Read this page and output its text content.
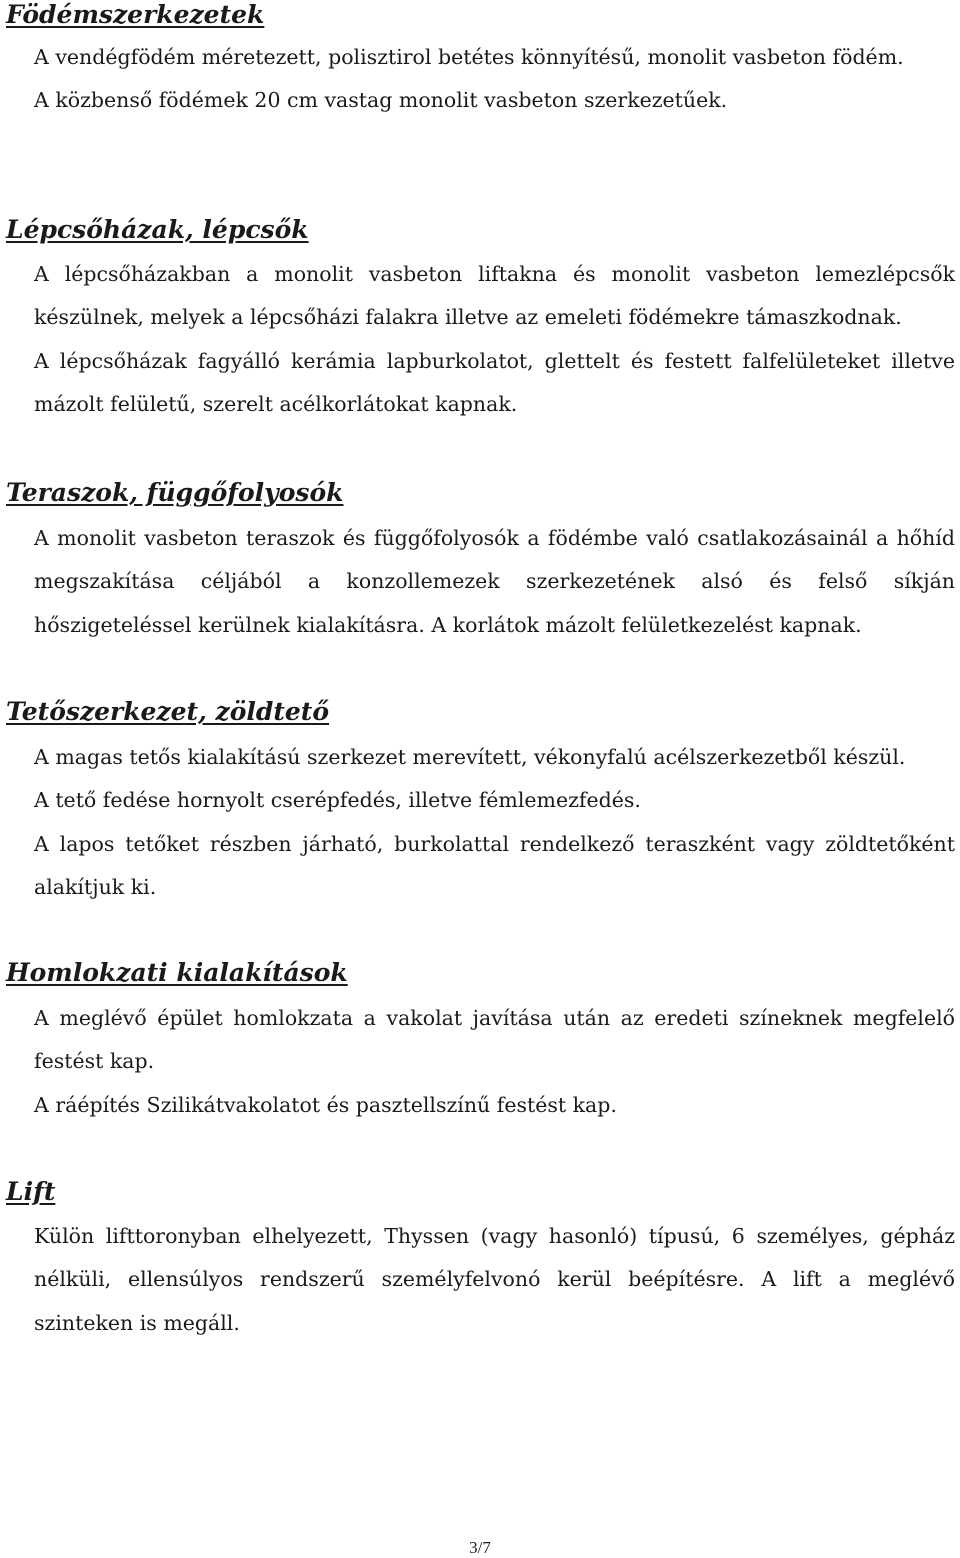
Födémszerkezetek

A vendégfödém méretezett, polisztirol betétes könnyítésű, monolit vasbeton födém.

A közbenső födémek 20 cm vastag monolit vasbeton szerkezetűek.

Lépcsőházak, lépcsők

A lépcsőházakban a monolit vasbeton liftakna és monolit vasbeton lemezlépcsők készülnek, melyek a lépcsőházi falakra illetve az emeleti födémekre támaszkodnak.

A lépcsőházak fagyálló kerámia lapburkolatot, glettelt és festett falfelületeket illetve mázolt felületű, szerelt acélkorlátokat kapnak.

Teraszok, függőfolyosók

A monolit vasbeton teraszok és függőfolyosók a födémbe való csatlakozásainál a hőhíd megszakítása céljából a konzollemezek szerkezetének alsó és felső síkján hőszigeteléssel kerülnek kialakításra. A korlátok mázolt felületkezelést kapnak.

Tetőszerkezet, zöldtető

A magas tetős kialakítású szerkezet merevített, vékonyfalú acélszerkezetből készül.

A tető fedése hornyolt cserépfedés, illetve fémlemezfedés.

A lapos tetőket részben járható, burkolattal rendelkező teraszként vagy zöldtetőként alakítjuk ki.

Homlokzati kialakítások

A meglévő épület homlokzata a vakolat javítása után az eredeti színeknek megfelelő festést kap.

A ráépítés Szilikátvakolatot és pasztellszínű festést kap.

Lift

Külön lifttoronyban elhelyezett, Thyssen (vagy hasonló) típusú, 6 személyes, gépház nélküli, ellensúlyos rendszerű személyfelvonó kerül beépítésre. A lift a meglévő szinteken is megáll.

3/7
